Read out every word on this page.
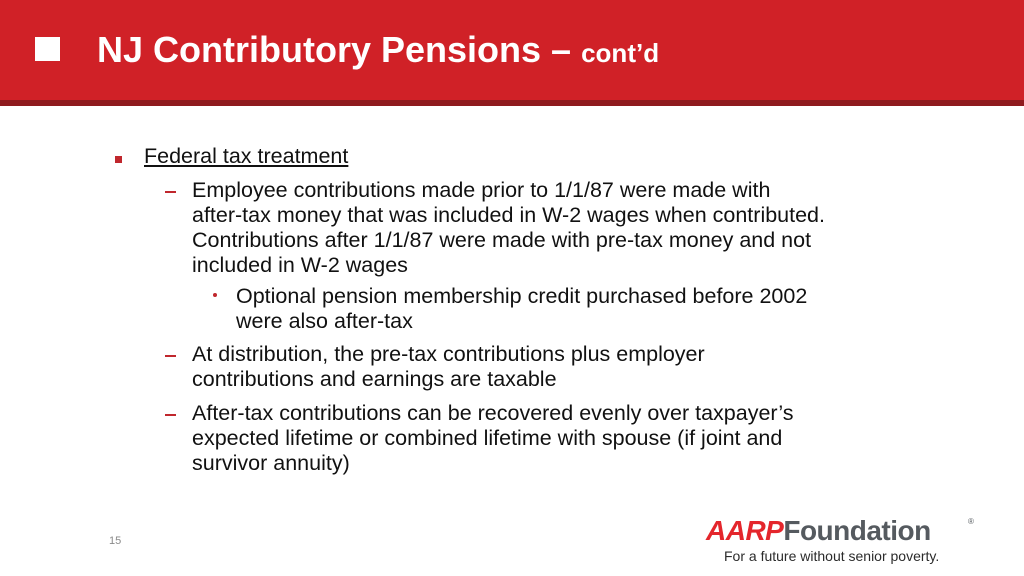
NJ Contributory Pensions – cont’d
Federal tax treatment
Employee contributions made prior to 1/1/87 were made with
after-tax money that was included in W-2 wages when contributed.
Contributions after 1/1/87 were made with pre-tax money and not
included in W-2 wages
Optional pension membership credit purchased before 2002
were also after-tax
At distribution, the pre-tax contributions plus employer
contributions and earnings are taxable
After-tax contributions can be recovered evenly over taxpayer’s
expected lifetime or combined lifetime with spouse (if joint and
survivor annuity)
15	AARPFoundation	®
For a future without senior poverty.
